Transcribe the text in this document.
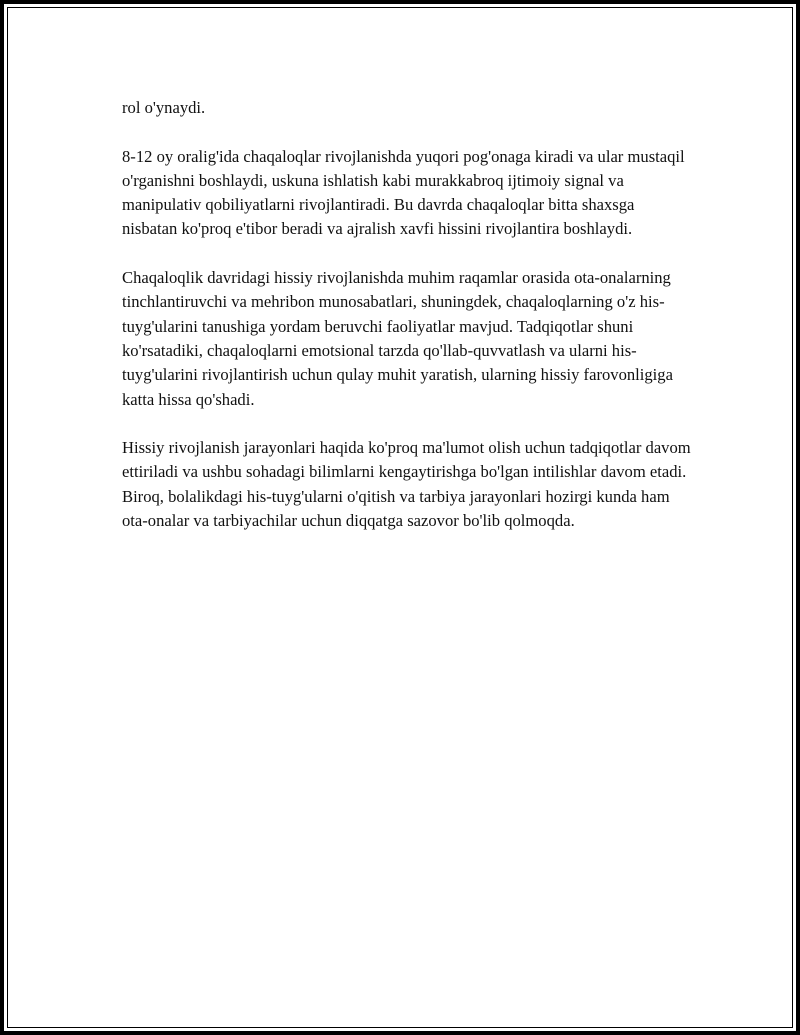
rol o'ynaydi.

8-12 oy oralig'ida chaqaloqlar rivojlanishda yuqori pog'onaga kiradi va ular mustaqil o'rganishni boshlaydi, uskuna ishlatish kabi murakkabroq ijtimoiy signal va manipulativ qobiliyatlarni rivojlantiradi. Bu davrda chaqaloqlar bitta shaxsga nisbatan ko'proq e'tibor beradi va ajralish xavfi hissini rivojlantira boshlaydi.

Chaqaloqlik davridagi hissiy rivojlanishda muhim raqamlar orasida ota-onalarning tinchlantiruvchi va mehribon munosabatlari, shuningdek, chaqaloqlarning o'z his-tuyg'ularini tanushiga yordam beruvchi faoliyatlar mavjud. Tadqiqotlar shuni ko'rsatadiki, chaqaloqlarni emotsional tarzda qo'llab-quvvatlash va ularni his-tuyg'ularini rivojlantirish uchun qulay muhit yaratish, ularning hissiy farovonligiga katta hissa qo'shadi.

Hissiy rivojlanish jarayonlari haqida ko'proq ma'lumot olish uchun tadqiqotlar davom ettiriladi va ushbu sohadagi bilimlarni kengaytirishga bo'lgan intilishlar davom etadi. Biroq, bolalikdagi his-tuyg'ularni o'qitish va tarbiya jarayonlari hozirgi kunda ham ota-onalar va tarbiyachilar uchun diqqatga sazovor bo'lib qolmoqda.
